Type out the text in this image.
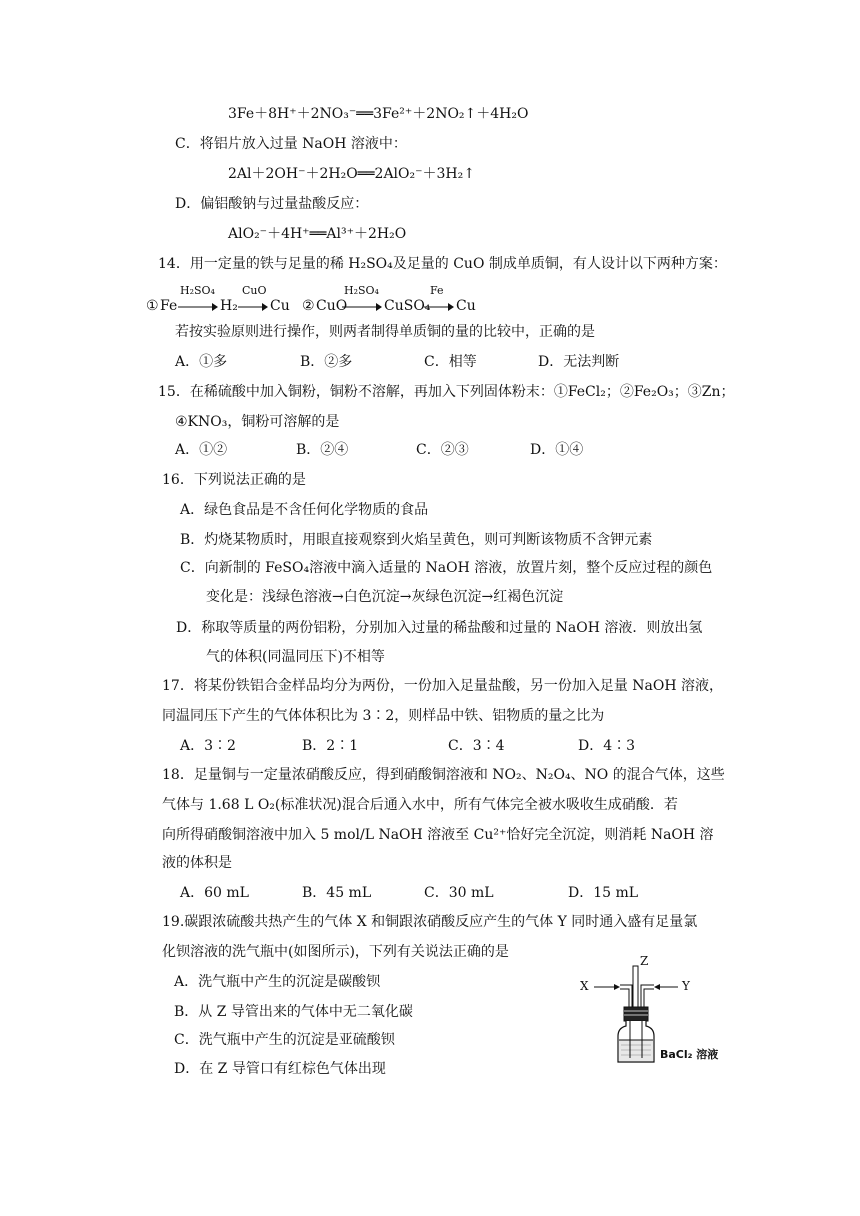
3Fe＋8H⁺＋2NO₃⁻══3Fe²⁺＋2NO₂↑＋4H₂O
C．将铝片放入过量 NaOH 溶液中：
2Al＋2OH⁻＋2H₂O══2AlO₂⁻＋3H₂↑
D．偏铝酸钠与过量盐酸反应：
AlO₂⁻＋4H⁺══Al³⁺＋2H₂O
14．用一定量的铁与足量的稀 H₂SO₄及足量的 CuO 制成单质铜，有人设计以下两种方案：
① Fe
H₂SO₄
H₂
CuO
Cu ② CuO
H₂SO₄
CuSO₄
Fe
Cu
若按实验原则进行操作，则两者制得单质铜的量的比较中，正确的是
A．①多	B．②多	C．相等	D．无法判断
15．在稀硫酸中加入铜粉，铜粉不溶解，再加入下列固体粉末：①FeCl₂；②Fe₂O₃；③Zn；
④KNO₃，铜粉可溶解的是
A．①②	B．②④	C．②③	D．①④
16．下列说法正确的是
A．绿色食品是不含任何化学物质的食品
B．灼烧某物质时，用眼直接观察到火焰呈黄色，则可判断该物质不含钾元素
C．向新制的 FeSO₄溶液中滴入适量的 NaOH 溶液，放置片刻，整个反应过程的颜色
变化是：浅绿色溶液→白色沉淀→灰绿色沉淀→红褐色沉淀
D．称取等质量的两份铝粉，分别加入过量的稀盐酸和过量的 NaOH 溶液．则放出氢
气的体积(同温同压下)不相等
17．将某份铁铝合金样品均分为两份，一份加入足量盐酸，另一份加入足量 NaOH 溶液，
同温同压下产生的气体体积比为 3∶2，则样品中铁、铝物质的量之比为
A．3∶2	B．2∶1	C．3∶4	D．4∶3
18．足量铜与一定量浓硝酸反应，得到硝酸铜溶液和 NO₂、N₂O₄、NO 的混合气体，这些
气体与 1.68 L O₂(标准状况)混合后通入水中，所有气体完全被水吸收生成硝酸．若
向所得硝酸铜溶液中加入 5 mol/L NaOH 溶液至 Cu²⁺恰好完全沉淀，则消耗 NaOH 溶
液的体积是
A．60 mL	B．45 mL	C．30 mL	D．15 mL
19.碳跟浓硫酸共热产生的气体 X 和铜跟浓硝酸反应产生的气体 Y 同时通入盛有足量氯
化钡溶液的洗气瓶中(如图所示)，下列有关说法正确的是
A．洗气瓶中产生的沉淀是碳酸钡
B．从 Z 导管出来的气体中无二氧化碳
C．洗气瓶中产生的沉淀是亚硫酸钡
D．在 Z 导管口有红棕色气体出现
X	Y
Z
BaCl₂ 溶液
